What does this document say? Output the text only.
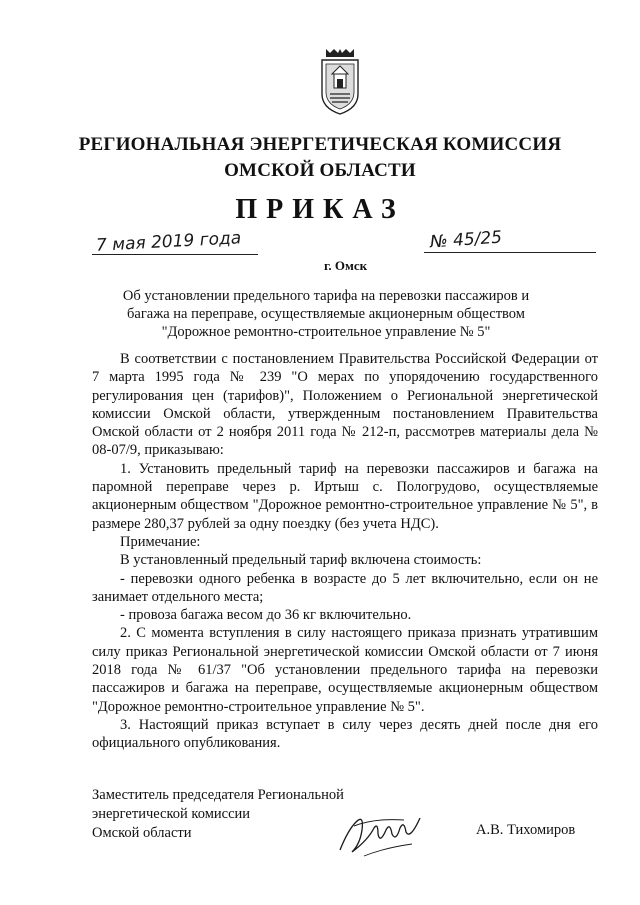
РЕГИОНАЛЬНАЯ ЭНЕРГЕТИЧЕСКАЯ КОМИССИЯ
ОМСКОЙ ОБЛАСТИ
ПРИКАЗ
7 мая 2019 года	№ 45/25
г. Омск
Об установлении предельного тарифа на перевозки пассажиров и
багажа на переправе, осуществляемые акционерным обществом
"Дорожное ремонтно-строительное управление № 5"

В соответствии с постановлением Правительства Российской Федерации от 7 марта 1995 года № 239 "О мерах по упорядочению государственного регулирования цен (тарифов)", Положением о Региональной энергетической комиссии Омской области, утвержденным постановлением Правительства Омской области от 2 ноября 2011 года № 212-п, рассмотрев материалы дела № 08-07/9, приказываю:

1. Установить предельный тариф на перевозки пассажиров и багажа на паромной переправе через р. Иртыш с. Пологрудово, осуществляемые акционерным обществом "Дорожное ремонтно-строительное управление № 5", в размере 280,37 рублей за одну поездку (без учета НДС).

Примечание:

В установленный предельный тариф включена стоимость:

- перевозки одного ребенка в возрасте до 5 лет включительно, если он не занимает отдельного места;

- провоза багажа весом до 36 кг включительно.

2. С момента вступления в силу настоящего приказа признать утратившим силу приказ Региональной энергетической комиссии Омской области от 7 июня 2018 года № 61/37 "Об установлении предельного тарифа на перевозки пассажиров и багажа на переправе, осуществляемые акционерным обществом "Дорожное ремонтно-строительное управление № 5".

3. Настоящий приказ вступает в силу через десять дней после дня его официального опубликования.

Заместитель председателя Региональной

энергетической комиссии

Омской области	А.В. Тихомиров
